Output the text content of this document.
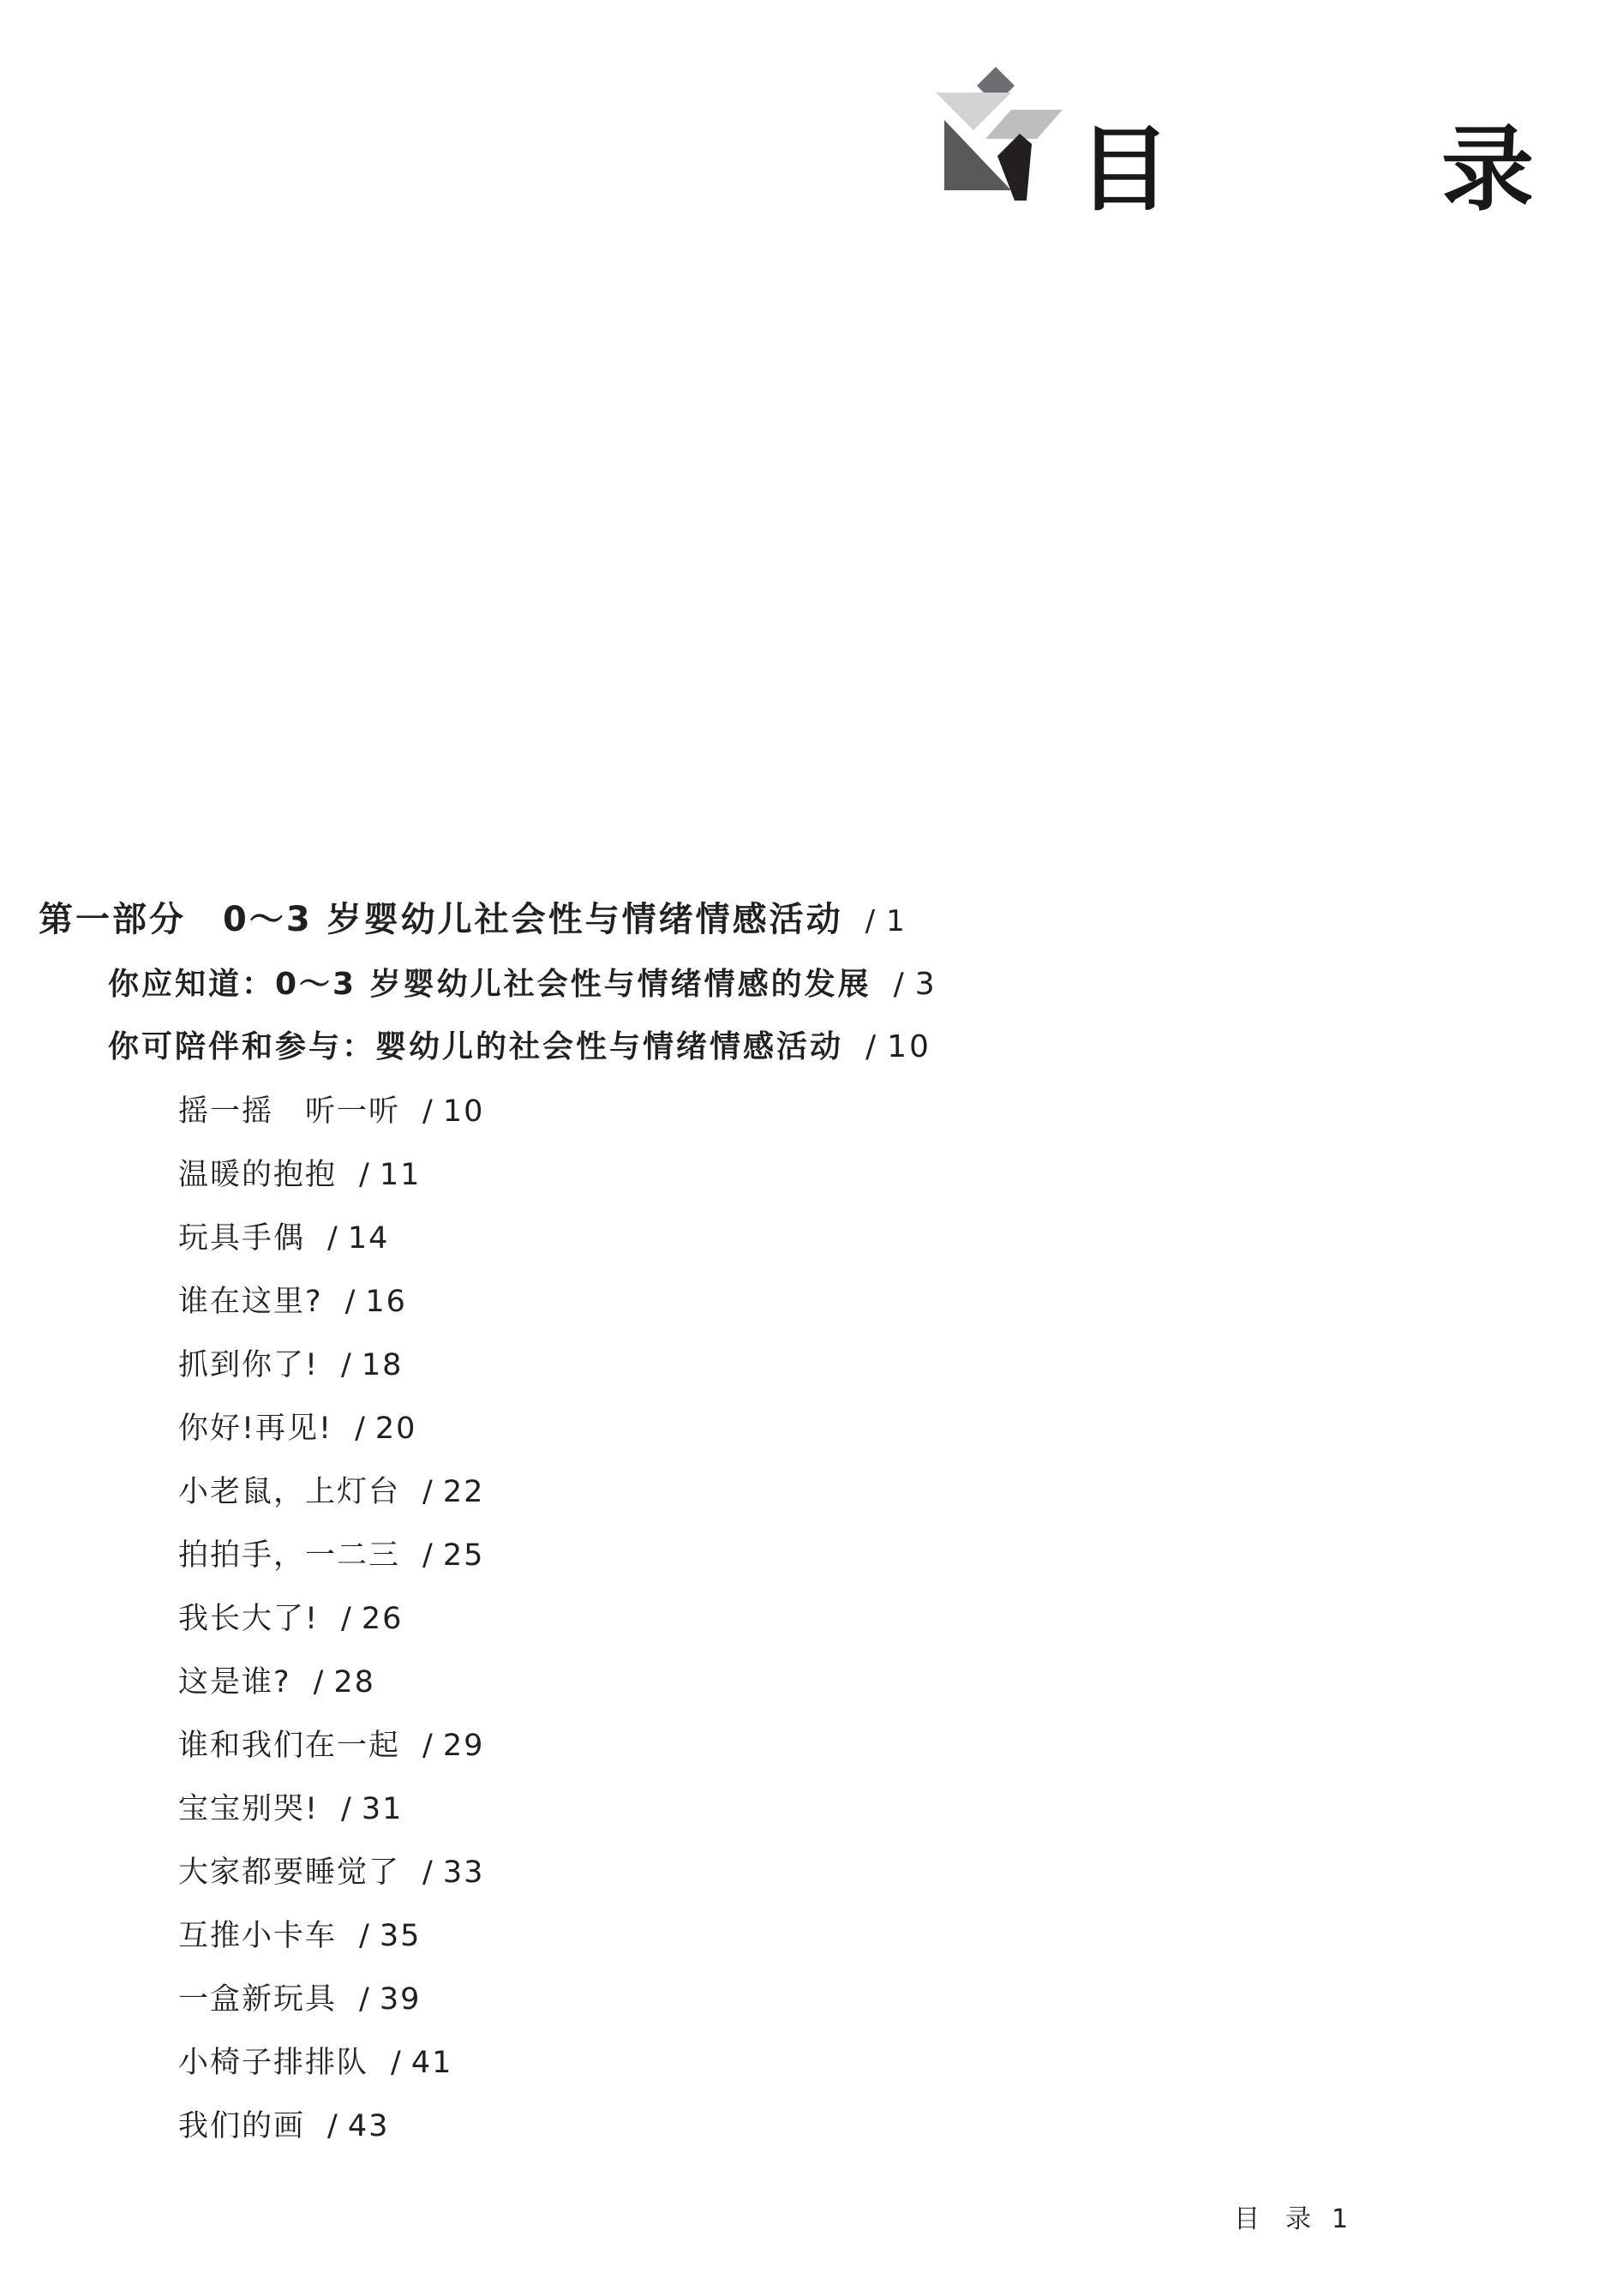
目　录
第一部分　0～3 岁婴幼儿社会性与情绪情感活动 / 1
你应知道：0～3 岁婴幼儿社会性与情绪情感的发展 / 3
你可陪伴和参与：婴幼儿的社会性与情绪情感活动 / 10
摇一摇　听一听 / 10
温暖的抱抱 / 11
玩具手偶 / 14
谁在这里? / 16
抓到你了! / 18
你好!再见! / 20
小老鼠，上灯台 / 22
拍拍手，一二三 / 25
我长大了! / 26
这是谁? / 28
谁和我们在一起 / 29
宝宝别哭! / 31
大家都要睡觉了 / 33
互推小卡车 / 35
一盒新玩具 / 39
小椅子排排队 / 41
我们的画 / 43
目　录 1
